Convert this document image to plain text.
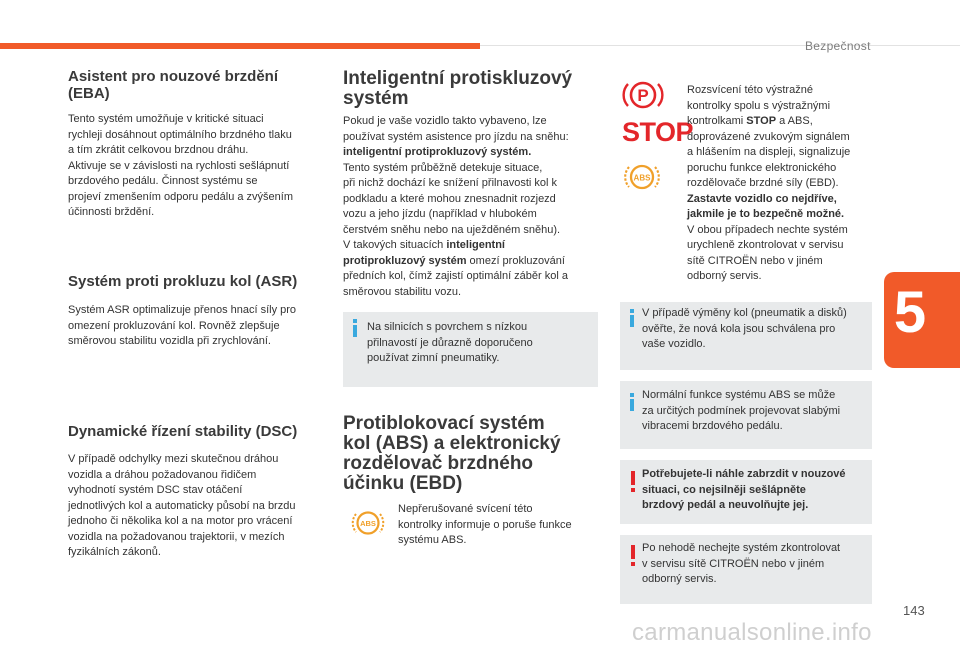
Bezpečnost
5
Asistent pro nouzové brzdění
(EBA)
Tento systém umožňuje v kritické situaci
rychleji dosáhnout optimálního brzdného tlaku
a tím zkrátit celkovou brzdnou dráhu.
Aktivuje se v závislosti na rychlosti sešlápnutí
brzdového pedálu. Činnost systému se
projeví zmenšením odporu pedálu a zvýšením
účinnosti brždění.
Systém proti prokluzu kol (ASR)
Systém ASR optimalizuje přenos hnací síly pro
omezení prokluzování kol. Rovněž zlepšuje
směrovou stabilitu vozidla při zrychlování.
Dynamické řízení stability (DSC)
V případě odchylky mezi skutečnou dráhou
vozidla a dráhou požadovanou řidičem
vyhodnotí systém DSC stav otáčení
jednotlivých kol a automaticky působí na brzdu
jednoho či několika kol a na motor pro vrácení
vozidla na požadovanou trajektorii, v mezích
fyzikálních zákonů.
Inteligentní protiskluzový
systém
Pokud je vaše vozidlo takto vybaveno, lze
používat systém asistence pro jízdu na sněhu:
inteligentní protiprokluzový systém.
Tento systém průběžně detekuje situace,
při nichž dochází ke snížení přilnavosti kol k
podkladu a které mohou znesnadnit rozjezd
vozu a jeho jízdu (například v hlubokém
čerstvém sněhu nebo na uježděném sněhu).
V takových situacích inteligentní
protiprokluzový systém omezí prokluzování
předních kol, čímž zajistí optimální záběr kol a
směrovou stabilitu vozu.
Na silnicích s povrchem s nízkou
přilnavostí je důrazně doporučeno
používat zimní pneumatiky.
Protiblokovací systém
kol (ABS) a elektronický
rozdělovač brzdného
účinku (EBD)
ABS
Nepřerušované svícení této
kontrolky informuje o poruše funkce
systému ABS.
P
STOP
ABS
Rozsvícení této výstražné
kontrolky spolu s výstražnými
kontrolkami STOP a ABS,
doprovázené zvukovým signálem
a hlášením na displeji, signalizuje
poruchu funkce elektronického
rozdělovače brzdné síly (EBD).
Zastavte vozidlo co nejdříve,
jakmile je to bezpečně možné.
V obou případech nechte systém
urychleně zkontrolovat v servisu
sítě CITROËN nebo v jiném
odborný servis.
V případě výměny kol (pneumatik a disků)
ověřte, že nová kola jsou schválena pro
vaše vozidlo.
Normální funkce systému ABS se může
za určitých podmínek projevovat slabými
vibracemi brzdového pedálu.
Potřebujete-li náhle zabrzdit v nouzové
situaci, co nejsilněji sešlápněte
brzdový pedál a neuvolňujte jej.
Po nehodě nechejte systém zkontrolovat
v servisu sítě CITROËN nebo v jiném
odborný servis.
143
carmanualsonline.info
